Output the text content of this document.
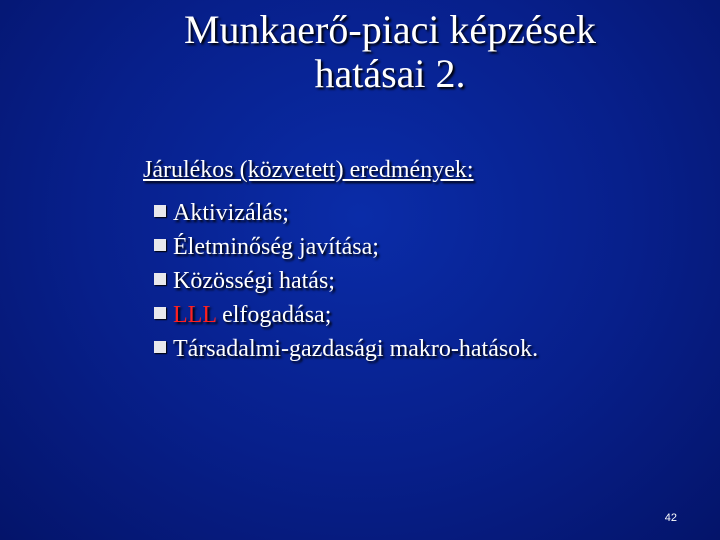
Munkaerő-piaci képzések
hatásai 2.
Járulékos (közvetett) eredmények:
Aktivizálás;
Életminőség javítása;
Közösségi hatás;
LLL elfogadása;
Társadalmi-gazdasági makro-hatások.
42
